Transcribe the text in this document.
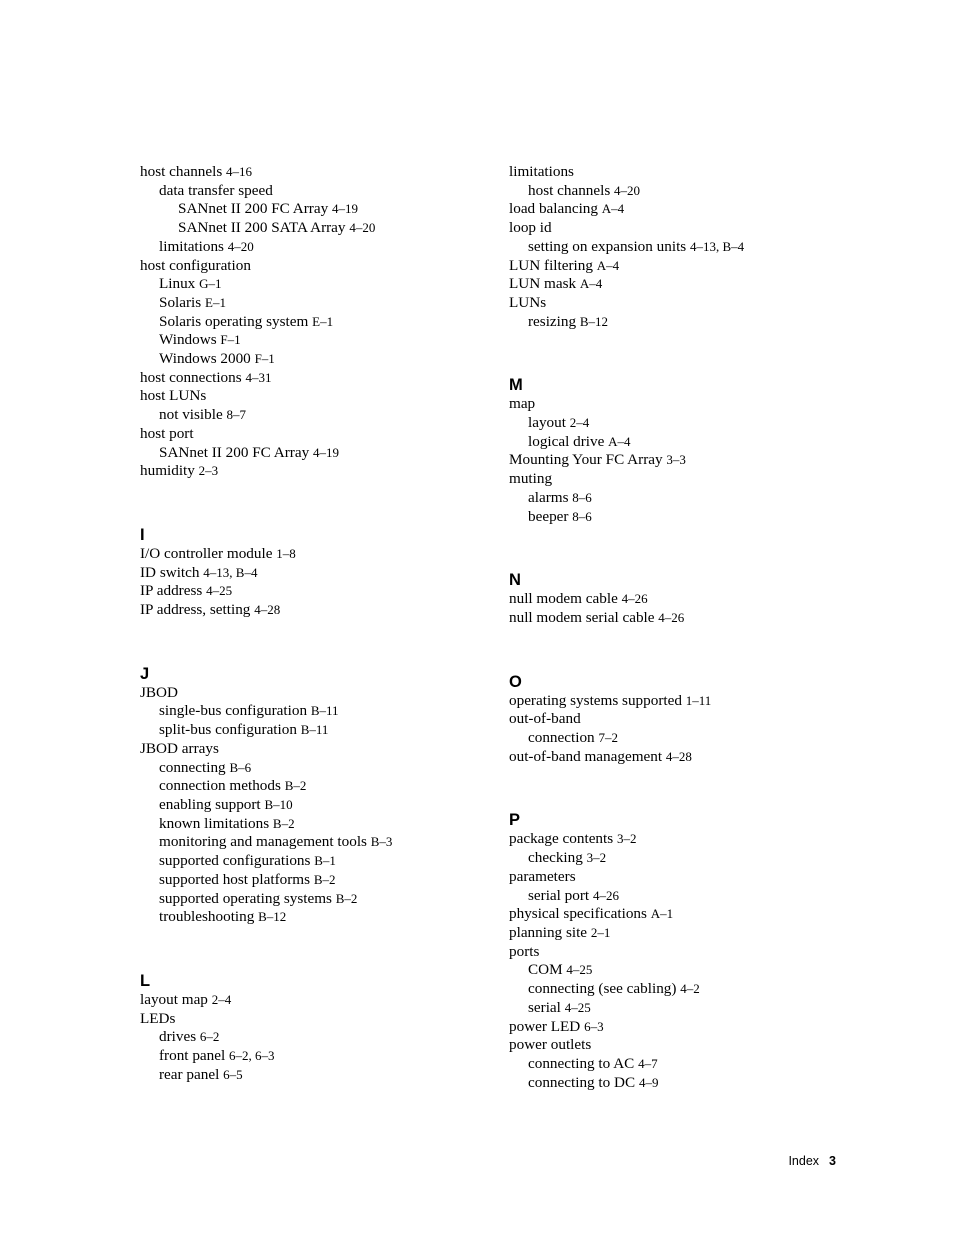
host channels 4–16
data transfer speed
SANnet II 200 FC Array 4–19
SANnet II 200 SATA Array 4–20
limitations 4–20
host configuration
Linux G–1
Solaris E–1
Solaris operating system E–1
Windows F–1
Windows 2000 F–1
host connections 4–31
host LUNs
not visible 8–7
host port
SANnet II 200 FC Array 4–19
humidity 2–3
I
I/O controller module 1–8
ID switch 4–13, B–4
IP address 4–25
IP address, setting 4–28
J
JBOD
single-bus configuration B–11
split-bus configuration B–11
JBOD arrays
connecting B–6
connection methods B–2
enabling support B–10
known limitations B–2
monitoring and management tools B–3
supported configurations B–1
supported host platforms B–2
supported operating systems B–2
troubleshooting B–12
L
layout map 2–4
LEDs
drives 6–2
front panel 6–2, 6–3
rear panel 6–5
limitations
host channels 4–20
load balancing A–4
loop id
setting on expansion units 4–13, B–4
LUN filtering A–4
LUN mask A–4
LUNs
resizing B–12
M
map
layout 2–4
logical drive A–4
Mounting Your FC Array 3–3
muting
alarms 8–6
beeper 8–6
N
null modem cable 4–26
null modem serial cable 4–26
O
operating systems supported 1–11
out-of-band
connection 7–2
out-of-band management 4–28
P
package contents 3–2
checking 3–2
parameters
serial port 4–26
physical specifications A–1
planning site 2–1
ports
COM 4–25
connecting (see cabling) 4–2
serial 4–25
power LED 6–3
power outlets
connecting to AC 4–7
connecting to DC 4–9
Index 3
